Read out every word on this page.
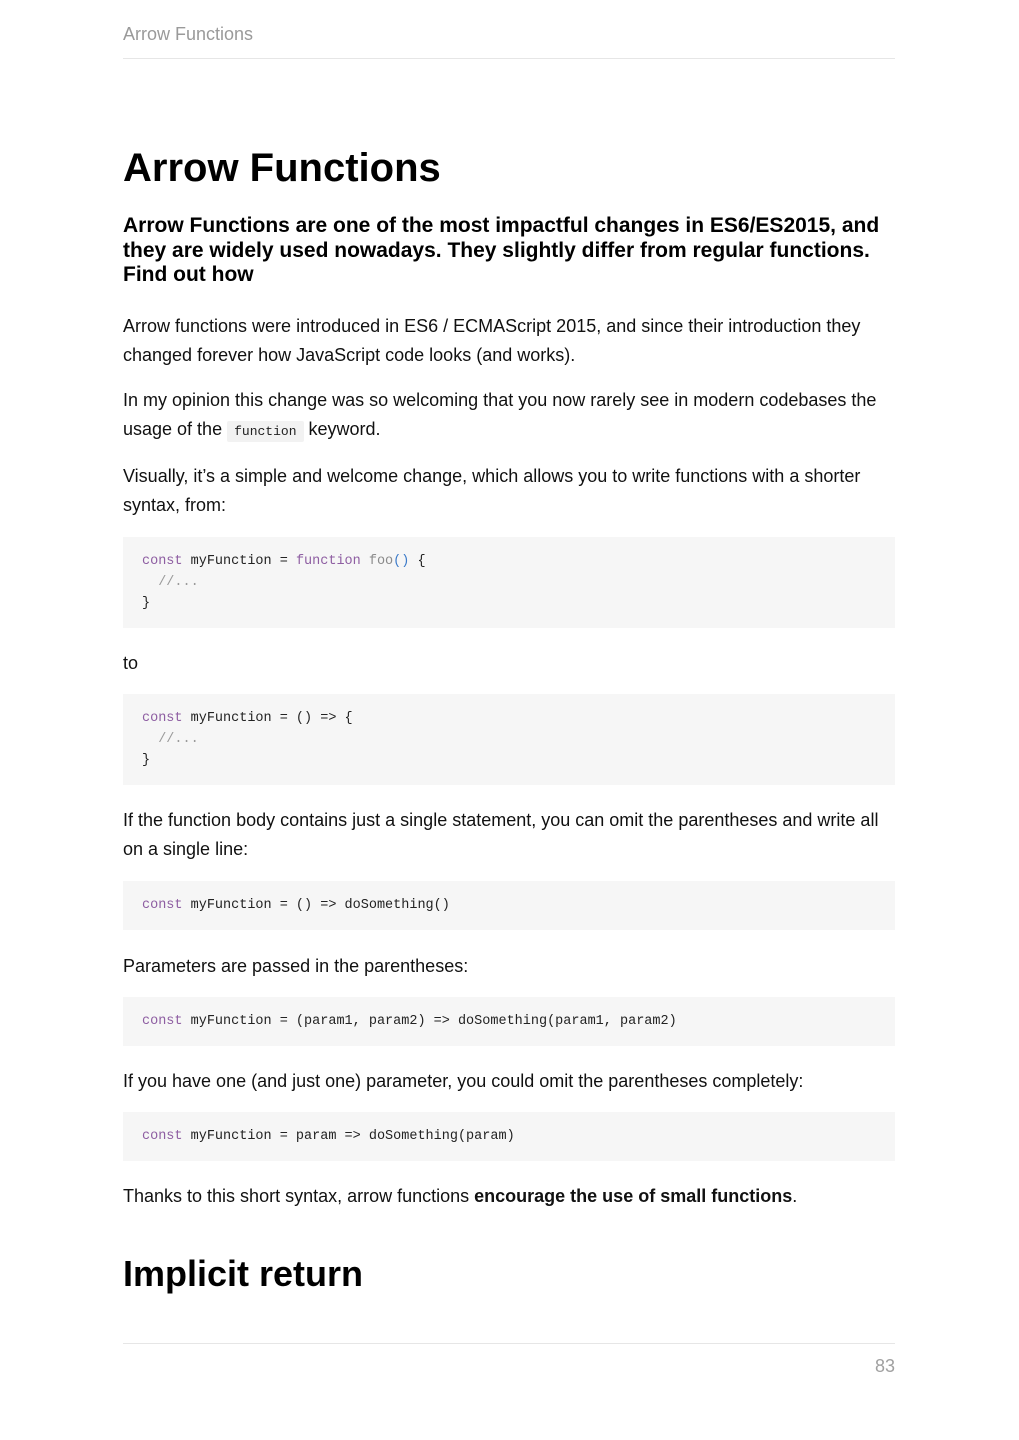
Arrow Functions
Arrow Functions
Arrow Functions are one of the most impactful changes in ES6/ES2015, and they are widely used nowadays. They slightly differ from regular functions. Find out how

Arrow functions were introduced in ES6 / ECMAScript 2015, and since their introduction they changed forever how JavaScript code looks (and works).

In my opinion this change was so welcoming that you now rarely see in modern codebases the usage of the function keyword.

Visually, it’s a simple and welcome change, which allows you to write functions with a shorter syntax, from:

const myFunction = function foo() {
//...
}

to

const myFunction = () => {
//...
}

If the function body contains just a single statement, you can omit the parentheses and write all on a single line:

const myFunction = () => doSomething()

Parameters are passed in the parentheses:

const myFunction = (param1, param2) => doSomething(param1, param2)

If you have one (and just one) parameter, you could omit the parentheses completely:

const myFunction = param => doSomething(param)

Thanks to this short syntax, arrow functions encourage the use of small functions.

Implicit return
83
